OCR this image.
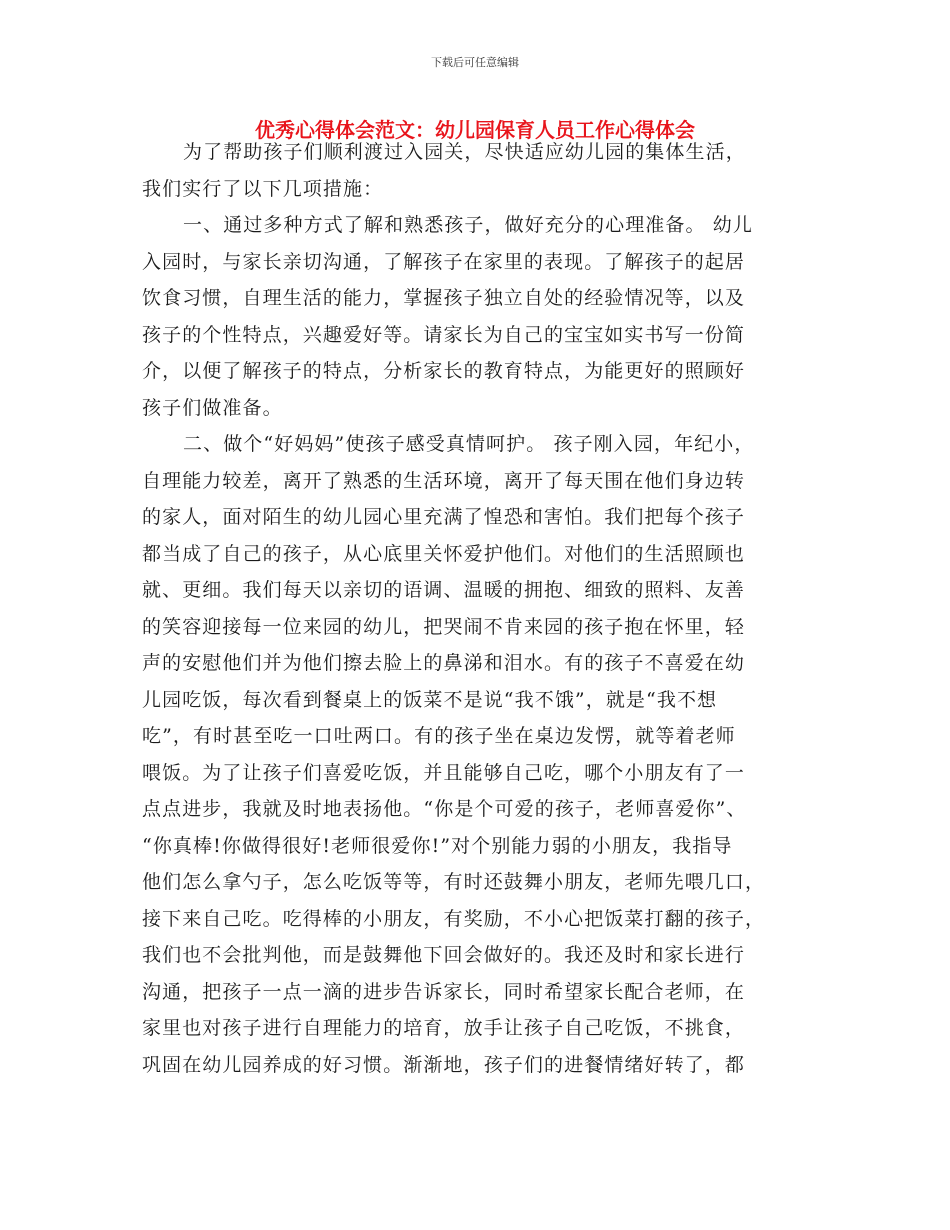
下载后可任意编辑
优秀心得体会范文：幼儿园保育人员工作心得体会
为了帮助孩子们顺利渡过入园关，尽快适应幼儿园的集体生活，
我们实行了以下几项措施：
一、通过多种方式了解和熟悉孩子，做好充分的心理准备。 幼儿
入园时，与家长亲切沟通，了解孩子在家里的表现。了解孩子的起居
饮食习惯，自理生活的能力，掌握孩子独立自处的经验情况等，以及
孩子的个性特点，兴趣爱好等。请家长为自己的宝宝如实书写一份简
介，以便了解孩子的特点，分析家长的教育特点，为能更好的照顾好
孩子们做准备。
二、做个“好妈妈”使孩子感受真情呵护。 孩子刚入园，年纪小，
自理能力较差，离开了熟悉的生活环境，离开了每天围在他们身边转
的家人，面对陌生的幼儿园心里充满了惶恐和害怕。我们把每个孩子
都当成了自己的孩子，从心底里关怀爱护他们。对他们的生活照顾也
就、更细。我们每天以亲切的语调、温暖的拥抱、细致的照料、友善
的笑容迎接每一位来园的幼儿，把哭闹不肯来园的孩子抱在怀里，轻
声的安慰他们并为他们擦去脸上的鼻涕和泪水。有的孩子不喜爱在幼
儿园吃饭，每次看到餐桌上的饭菜不是说“我不饿”，就是“我不想
吃”，有时甚至吃一口吐两口。有的孩子坐在桌边发愣，就等着老师
喂饭。为了让孩子们喜爱吃饭，并且能够自己吃，哪个小朋友有了一
点点进步，我就及时地表扬他。“你是个可爱的孩子，老师喜爱你”、
“你真棒!你做得很好!老师很爱你!”对个别能力弱的小朋友，我指导
他们怎么拿勺子，怎么吃饭等等，有时还鼓舞小朋友，老师先喂几口，
接下来自己吃。吃得棒的小朋友，有奖励，不小心把饭菜打翻的孩子，
我们也不会批判他，而是鼓舞他下回会做好的。我还及时和家长进行
沟通，把孩子一点一滴的进步告诉家长，同时希望家长配合老师，在
家里也对孩子进行自理能力的培育，放手让孩子自己吃饭，不挑食，
巩固在幼儿园养成的好习惯。渐渐地，孩子们的进餐情绪好转了，都
